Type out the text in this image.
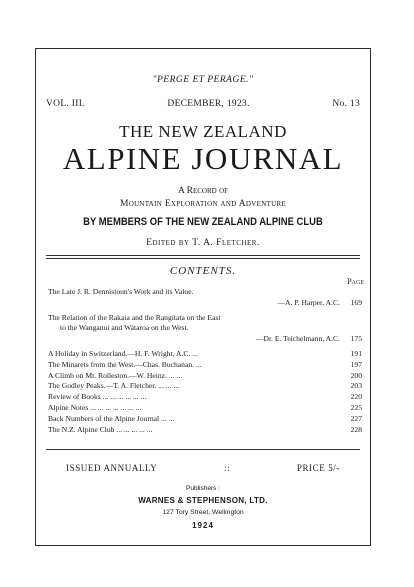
"PERGE ET PERAGE."
VOL. III.	DECEMBER, 1923.	No. 13
THE NEW ZEALAND
ALPINE JOURNAL
A Record of
Mountain Exploration and Adventure
BY MEMBERS OF THE NEW ZEALAND ALPINE CLUB
Edited by T. A. Fletcher.
CONTENTS.
Page
The Late J. R. Dennistoun's Work and its Value.
—A. P. Harper, A.C.	169
The Relation of the Rakaia and the Rangitata on the East
to the Wanganui and Wataroa on the West.
—Dr. E. Teichelmann, A.C.	175
A Holiday in Switzerland.—H. F. Wright, A.C. ...	191
The Minarets from the West.—Chas. Buchanan. ...	197
A Climb on Mt. Rolleston.—W. Heinz. ... ...	200
The Godley Peaks.—T. A. Fletcher. ... ... ...	203
Review of Books ... ... ... ... ... ...	220
Alpine Notes ... ... ... ... ... ... ...	225
Back Numbers of the Alpine Journal ... ...	227
The N.Z. Alpine Club ... ... ... ... ...	228
ISSUED ANNUALLY	::	PRICE 5/-
Publishers :
WARNES & STEPHENSON, LTD.
127 Tory Street, Wellington
1924
